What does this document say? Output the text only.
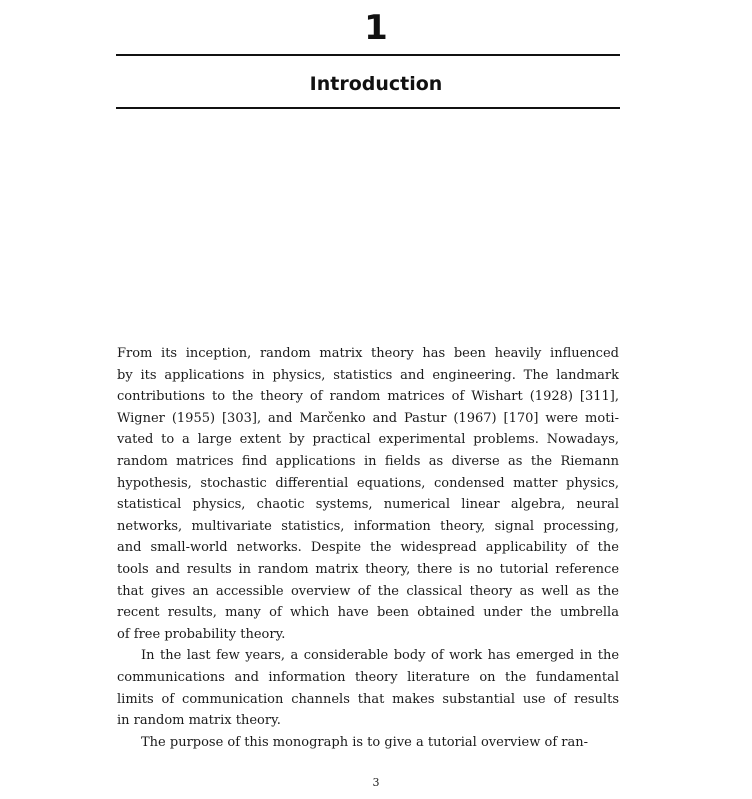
1
Introduction
From its inception, random matrix theory has been heavily influenced
by its applications in physics, statistics and engineering. The landmark
contributions to the theory of random matrices of Wishart (1928) [311],
Wigner (1955) [303], and Marčenko and Pastur (1967) [170] were moti-
vated to a large extent by practical experimental problems. Nowadays,
random matrices find applications in fields as diverse as the Riemann
hypothesis, stochastic differential equations, condensed matter physics,
statistical physics, chaotic systems, numerical linear algebra, neural
networks, multivariate statistics, information theory, signal processing,
and small-world networks. Despite the widespread applicability of the
tools and results in random matrix theory, there is no tutorial reference
that gives an accessible overview of the classical theory as well as the
recent results, many of which have been obtained under the umbrella
of free probability theory.
In the last few years, a considerable body of work has emerged in the
communications and information theory literature on the fundamental
limits of communication channels that makes substantial use of results
in random matrix theory.
The purpose of this monograph is to give a tutorial overview of ran-
3
